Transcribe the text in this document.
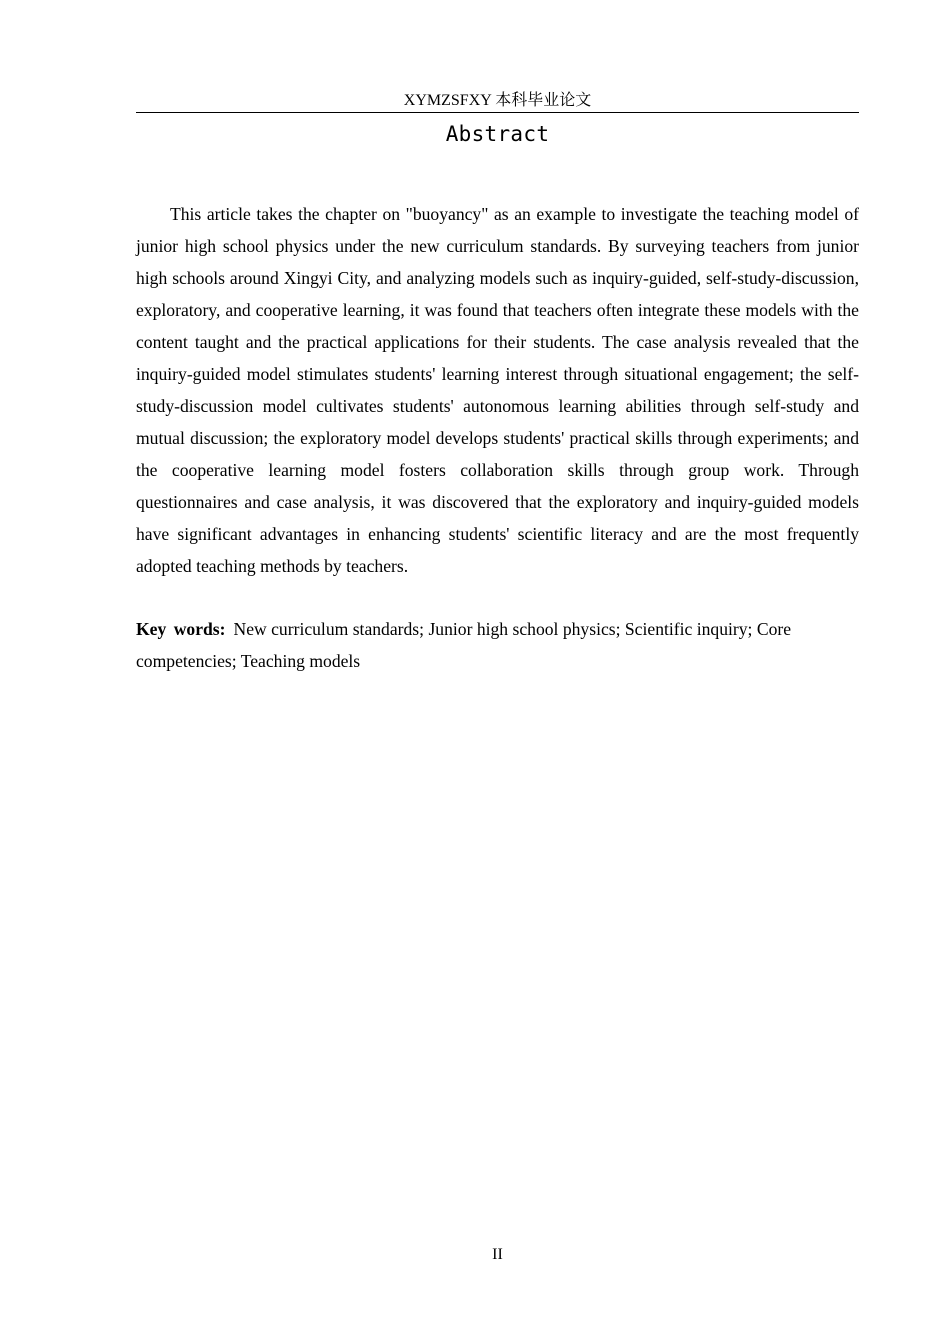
XYMZSFXY 本科毕业论文
Abstract

This article takes the chapter on "buoyancy" as an example to investigate the teaching model of junior high school physics under the new curriculum standards. By surveying teachers from junior high schools around Xingyi City, and analyzing models such as inquiry-guided, self-study-discussion, exploratory, and cooperative learning, it was found that teachers often integrate these models with the content taught and the practical applications for their students. The case analysis revealed that the inquiry-guided model stimulates students' learning interest through situational engagement; the self-study-discussion model cultivates students' autonomous learning abilities through self-study and mutual discussion; the exploratory model develops students' practical skills through experiments; and the cooperative learning model fosters collaboration skills through group work. Through questionnaires and case analysis, it was discovered that the exploratory and inquiry-guided models have significant advantages in enhancing students' scientific literacy and are the most frequently adopted teaching methods by teachers.

Key words: New curriculum standards; Junior high school physics; Scientific inquiry; Core competencies; Teaching models

II
